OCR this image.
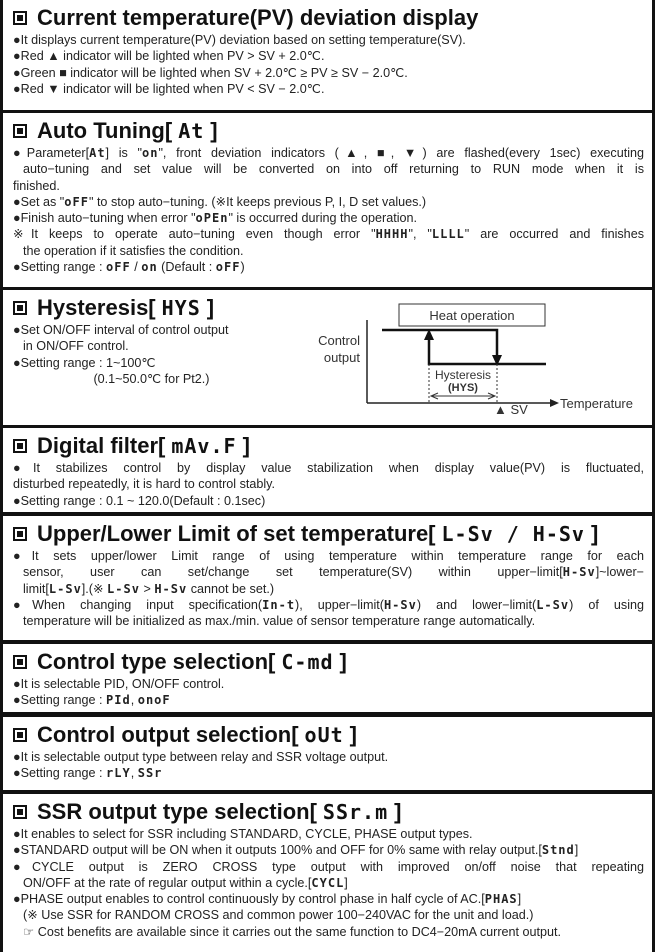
Current temperature(PV) deviation display
●It displays current temperature(PV) deviation based on setting temperature(SV).
●Red ▲ indicator will be lighted when PV > SV + 2.0℃.
●Green ■ indicator will be lighted when SV + 2.0℃ ≥ PV ≥ SV − 2.0℃.
●Red ▼ indicator will be lighted when PV < SV − 2.0℃.
Auto Tuning[ At ]
●Parameter[At] is "on", front deviation indicators (▲, ■, ▼) are flashed(every 1sec) executing
auto−tuning and set value will be converted on into off returning to RUN mode when it is
finished.
●Set as "oFF" to stop auto−tuning. (※It keeps previous P, I, D set values.)
●Finish auto−tuning when error "oPEn" is occurred during the operation.
※It keeps to operate auto−tuning even though error "HHHH", "LLLL" are occurred and finishes
the operation if it satisfies the condition.
●Setting range : oFF / on (Default : oFF)
Hysteresis[ HYS ]
●Set ON/OFF interval of control output
in ON/OFF control.
●Setting range : 1~100℃
(0.1~50.0℃ for Pt2.)
Heat operation
Control
output
Temperature
Hysteresis
(HYS)
▲ SV
Digital filter[ mAv.F ]
●It stabilizes control by display value stabilization when display value(PV) is fluctuated,
disturbed repeatedly, it is hard to control stably.
●Setting range : 0.1 ~ 120.0(Default : 0.1sec)
Upper/Lower Limit of set temperature[ L-Sv / H-Sv ]
●It sets upper/lower Limit range of using temperature within temperature range for each
sensor, user can set/change set temperature(SV) within upper−limit[H-Sv]~lower−
limit[L-Sv].(※ L-Sv > H-Sv cannot be set.)
●When changing input specification(In-t), upper−limit(H-Sv) and lower−limit(L-Sv) of using
temperature will be initialized as max./min. value of sensor temperature range automatically.
Control type selection[ C-md ]
●It is selectable PID, ON/OFF control.
●Setting range : PId, onoF
Control output selection[ oUt ]
●It is selectable output type between relay and SSR voltage output.
●Setting range : rLY, SSr
SSR output type selection[ SSr.m ]
●It enables to select for SSR including STANDARD, CYCLE, PHASE output types.
●STANDARD output will be ON when it outputs 100% and OFF for 0% same with relay output.[Stnd]
●CYCLE output is ZERO CROSS type output with improved on/off noise that repeating
ON/OFF at the rate of regular output within a cycle.[CYCL]
●PHASE output enables to control continuously by control phase in half cycle of AC.[PHAS]
(※ Use SSR for RANDOM CROSS and common power 100−240VAC for the unit and load.)
☞ Cost benefits are available since it carries out the same function to DC4−20mA current output.
